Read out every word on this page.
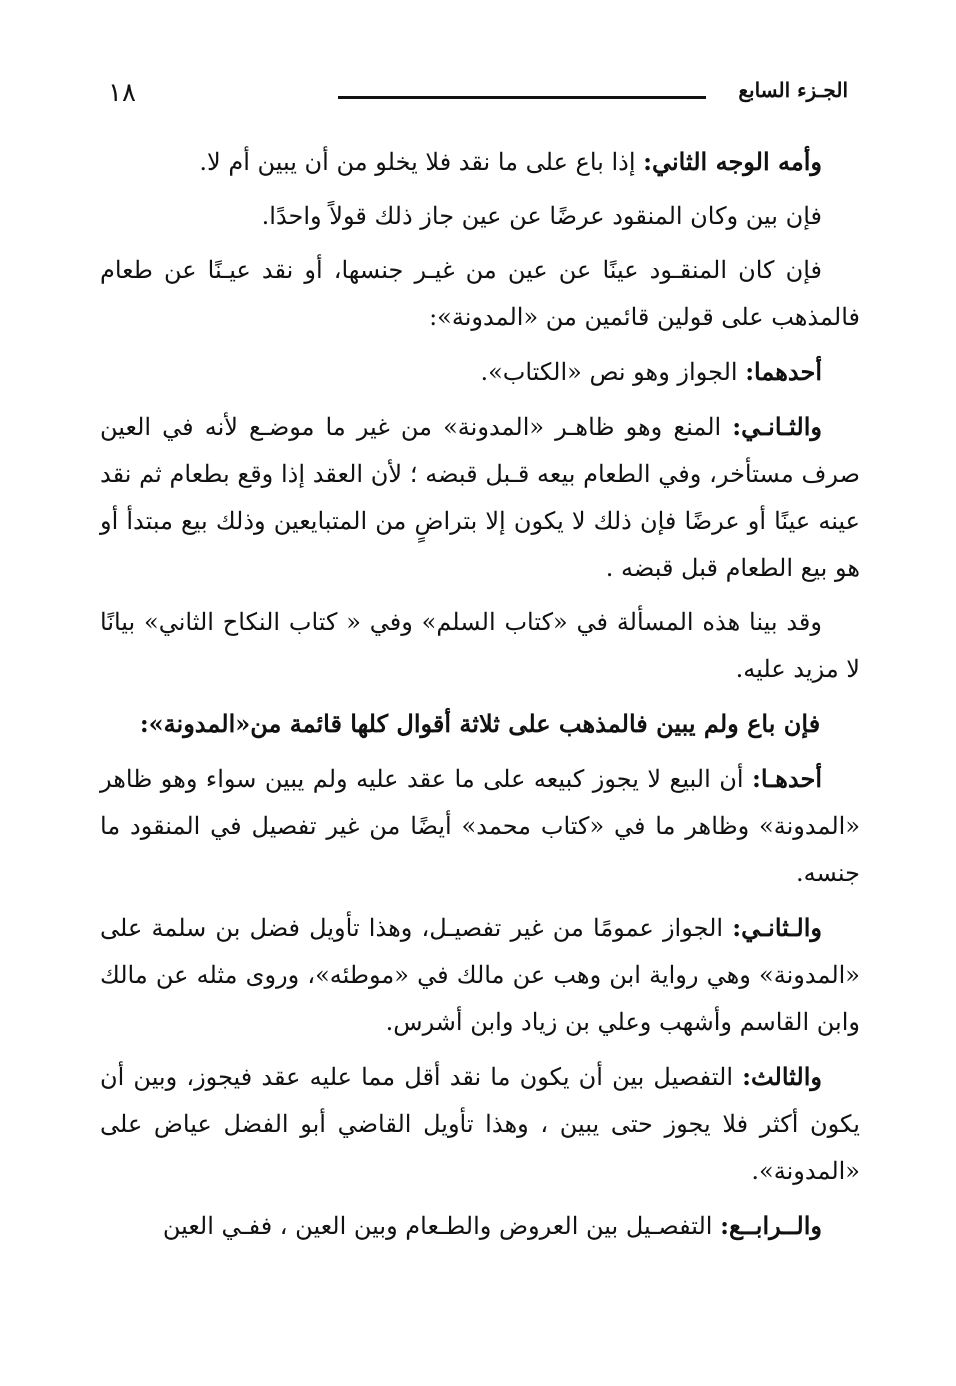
١٨	الجـزء السابع

وأمه الوجه الثاني: إذا باع على ما نقد فلا يخلو من أن يبين أم لا.

فإن بين وكان المنقود عرضًا عن عين جاز ذلك قولاً واحدًا.

فإن كان المنقـود عينًا عن عين من غيـر جنسها، أو نقد عيـنًا عن طعام فالمذهب على قولين قائمين من «المدونة»:

أحدهما: الجواز وهو نص «الكتاب».

والثـانـي: المنع وهو ظاهـر «المدونة» من غير ما موضـع لأنه في العين صرف مستأخر، وفي الطعام بيعه قـبل قبضه ؛ لأن العقد إذا وقع بطعام ثم نقد عينه عينًا أو عرضًا فإن ذلك لا يكون إلا بتراضٍ من المتبايعين وذلك بيع مبتدأ أو هو بيع الطعام قبل قبضه .

وقد بينا هذه المسألة في «كتاب السلم» وفي « كتاب النكاح الثاني» بيانًا لا مزيد عليه.

فإن باع ولم يبين فالمذهب على ثلاثة أقوال كلها قائمة من«المدونة»:

أحدهـا: أن البيع لا يجوز كبيعه على ما عقد عليه ولم يبين سواء وهو ظاهر «المدونة» وظاهر ما في «كتاب محمد» أيضًا من غير تفصيل في المنقود ما جنسه.

والـثانـي: الجواز عمومًا من غير تفصيـل، وهذا تأويل فضل بن سلمة على «المدونة» وهي رواية ابن وهب عن مالك في «موطئه»، وروى مثله عن مالك وابن القاسم وأشهب وعلي بن زياد وابن أشرس.

والثالث: التفصيل بين أن يكون ما نقد أقل مما عليه عقد فيجوز، وبين أن يكون أكثر فلا يجوز حتى يبين ، وهذا تأويل القاضي أبو الفضل عياض على «المدونة».

والــرابــع: التفصـيل بين العروض والطـعام وبين العين ، ففـي العين
